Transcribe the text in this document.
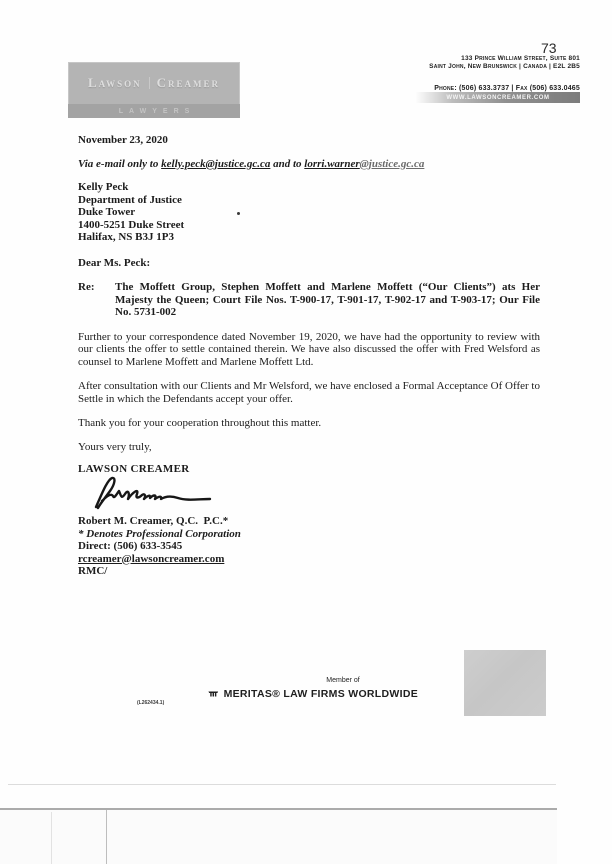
73
Lawson Creamer
LAWYERS
133 Prince William Street, Suite 801
Saint John, New Brunswick | Canada | E2L 2B5
Phone: (506) 633.3737 | Fax (506) 633.0465
WWW.LAWSONCREAMER.COM
November 23, 2020
Via e-mail only to kelly.peck@justice.gc.ca and to lorri.warner@justice.gc.ca
Kelly Peck
Department of Justice
Duke Tower
1400-5251 Duke Street
Halifax, NS B3J 1P3
Dear Ms. Peck:
Re:	The Moffett Group, Stephen Moffett and Marlene Moffett (“Our Clients”) ats Her Majesty the Queen; Court File Nos. T-900-17, T-901-17, T-902-17 and T-903-17; Our File No. 5731-002
Further to your correspondence dated November 19, 2020, we have had the opportunity to review with our clients the offer to settle contained therein. We have also discussed the offer with Fred Welsford as counsel to Marlene Moffett and Marlene Moffett Ltd.
After consultation with our Clients and Mr Welsford, we have enclosed a Formal Acceptance Of Offer to Settle in which the Defendants accept your offer.
Thank you for your cooperation throughout this matter.
Yours very truly,
LAWSON CREAMER
Robert M. Creamer, Q.C.  P.C.*
* Denotes Professional Corporation
Direct: (506) 633-3545
rcreamer@lawsoncreamer.com
RMC/
(L262434.1)
Member of
MERITAS® LAW FIRMS WORLDWIDE
